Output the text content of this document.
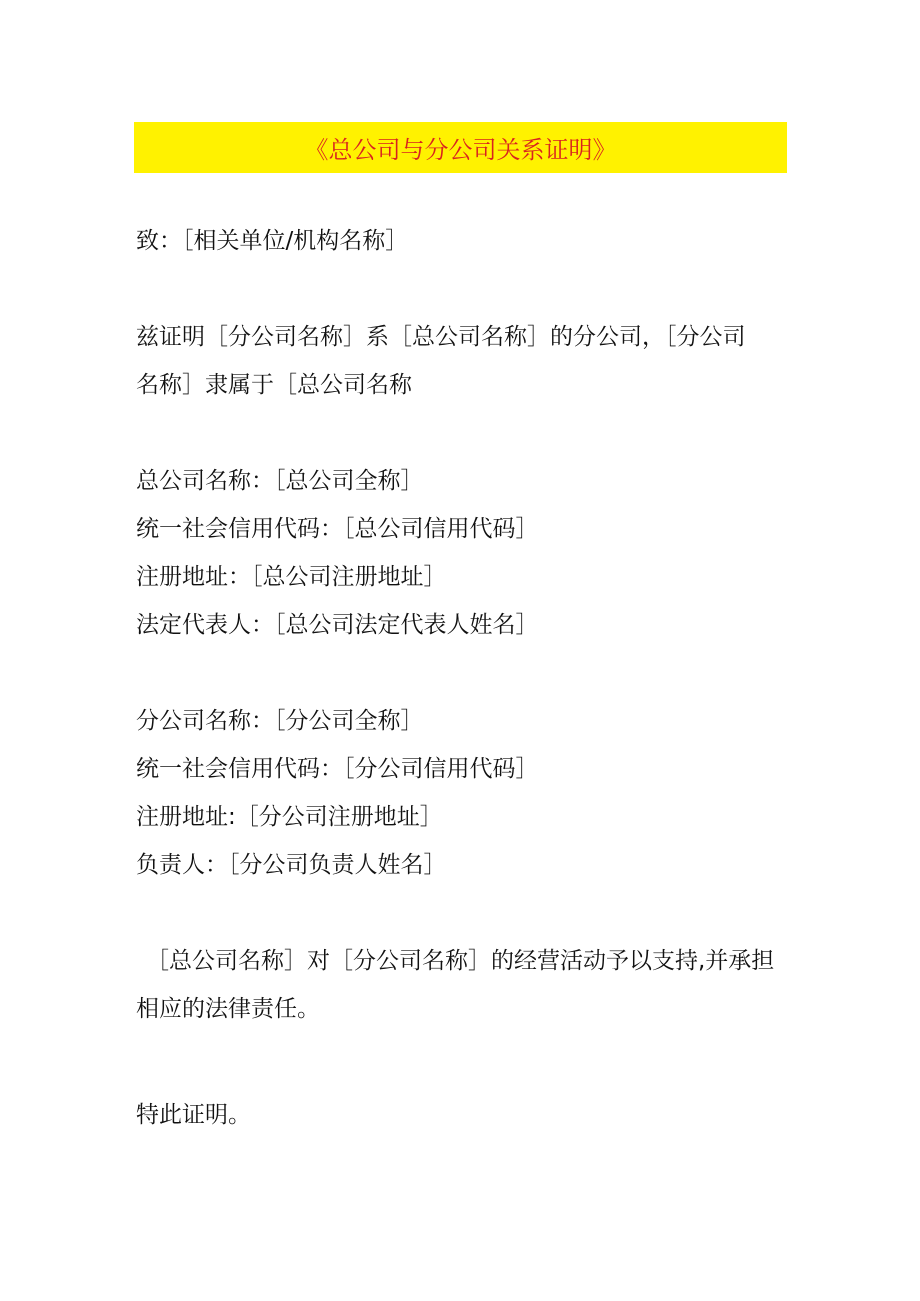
《总公司与分公司关系证明》
致：［相关单位/机构名称］
兹证明［分公司名称］系［总公司名称］的分公司，［分公司
名称］隶属于［总公司名称
总公司名称：［总公司全称］
统一社会信用代码：［总公司信用代码］
注册地址：［总公司注册地址］
法定代表人：［总公司法定代表人姓名］
分公司名称：［分公司全称］
统一社会信用代码：［分公司信用代码］
注册地址:［分公司注册地址］
负责人：［分公司负责人姓名］
［总公司名称］对［分公司名称］的经营活动予以支持,并承担
相应的法律责任。
特此证明。
